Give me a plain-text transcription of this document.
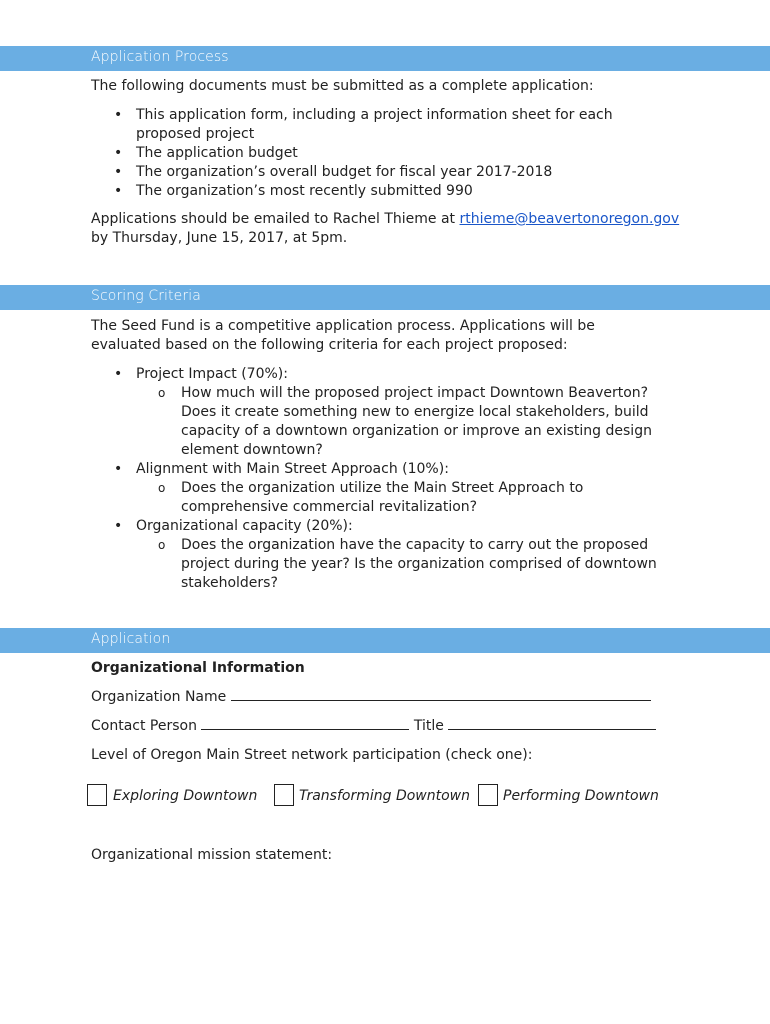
Application Process

The following documents must be submitted as a complete application:

• This application form, including a project information sheet for each proposed project
• The application budget
• The organization’s overall budget for fiscal year 2017-2018
• The organization’s most recently submitted 990

Applications should be emailed to Rachel Thieme at rthieme@beavertonoregon.gov by Thursday, June 15, 2017, at 5pm.

Scoring Criteria

The Seed Fund is a competitive application process. Applications will be evaluated based on the following criteria for each project proposed:

• Project Impact (70%):
o How much will the proposed project impact Downtown Beaverton? Does it create something new to energize local stakeholders, build capacity of a downtown organization or improve an existing design element downtown?
• Alignment with Main Street Approach (10%):
o Does the organization utilize the Main Street Approach to comprehensive commercial revitalization?
• Organizational capacity (20%):
o Does the organization have the capacity to carry out the proposed project during the year? Is the organization comprised of downtown stakeholders?
Application

Organizational Information

Organization Name

Contact Person	Title

Level of Oregon Main Street network participation (check one):

Exploring Downtown	Transforming Downtown Performing Downtown

Organizational mission statement:
